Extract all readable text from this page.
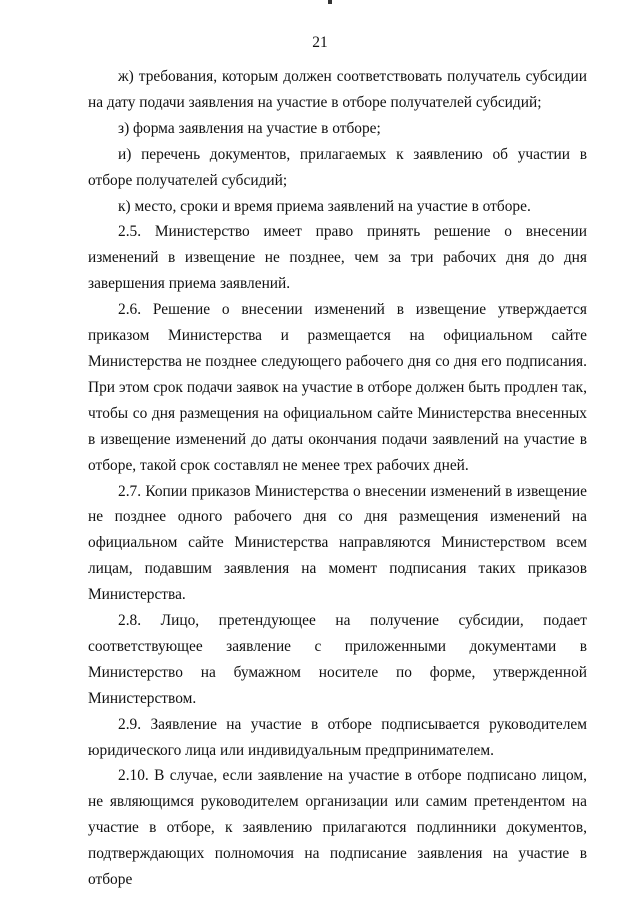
21

ж) требования, которым должен соответствовать получатель субсидии на дату подачи заявления на участие в отборе получателей субсидий;

з) форма заявления на участие в отборе;

и) перечень документов, прилагаемых к заявлению об участии в отборе получателей субсидий;

к) место, сроки и время приема заявлений на участие в отборе.

2.5. Министерство имеет право принять решение о внесении изменений в извещение не позднее, чем за три рабочих дня до дня завершения приема заявлений.

2.6. Решение о внесении изменений в извещение утверждается приказом Министерства и размещается на официальном сайте Министерства не позднее следующего рабочего дня со дня его подписания. При этом срок подачи заявок на участие в отборе должен быть продлен так, чтобы со дня размещения на официальном сайте Министерства внесенных в извещение изменений до даты окончания подачи заявлений на участие в отборе, такой срок составлял не менее трех рабочих дней.

2.7. Копии приказов Министерства о внесении изменений в извещение не позднее одного рабочего дня со дня размещения изменений на официальном сайте Министерства направляются Министерством всем лицам, подавшим заявления на момент подписания таких приказов Министерства.

2.8. Лицо, претендующее на получение субсидии, подает соответствующее заявление с приложенными документами в Министерство на бумажном носителе по форме, утвержденной Министерством.

2.9. Заявление на участие в отборе подписывается руководителем юридического лица или индивидуальным предпринимателем.

2.10. В случае, если заявление на участие в отборе подписано лицом, не являющимся руководителем организации или самим претендентом на участие в отборе, к заявлению прилагаются подлинники документов, подтверждающих полномочия на подписание заявления на участие в отборе
